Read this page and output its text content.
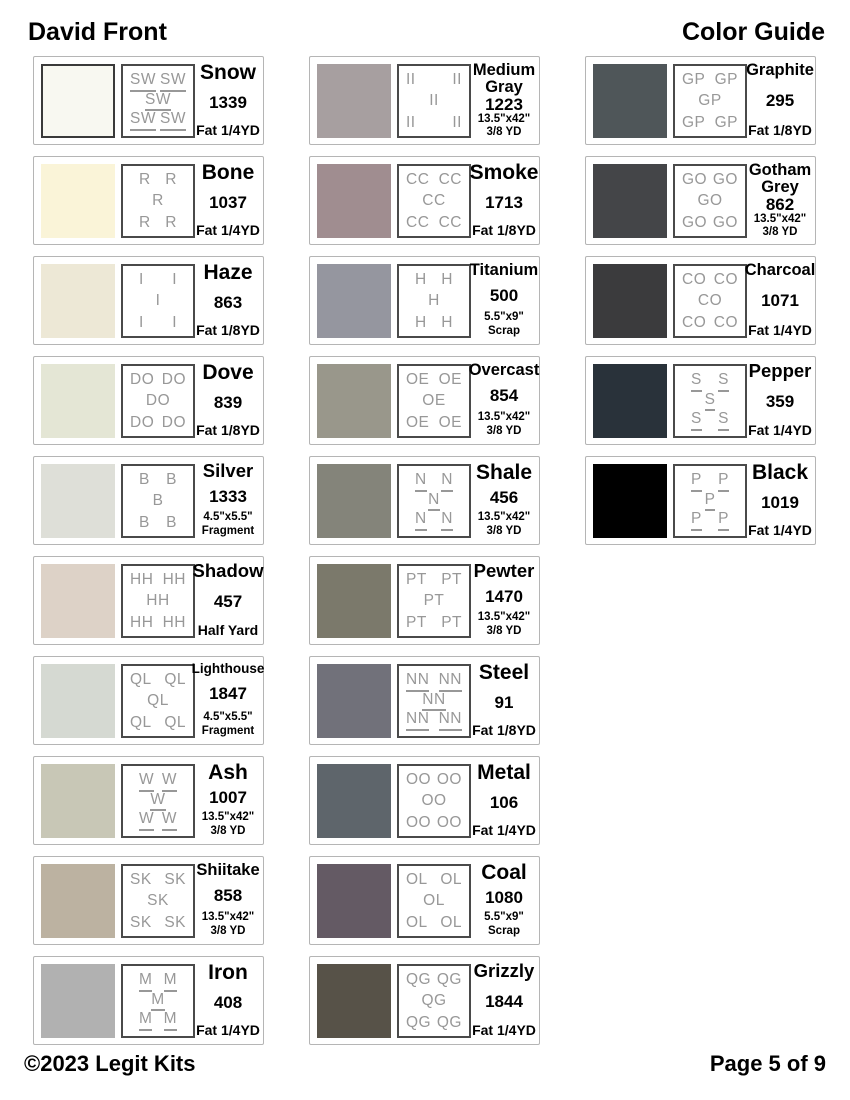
David Front	Color Guide
SW SW
SW
SW SW
Snow
1339
Fat 1/4YD
R R
R
R R
Bone
1037
Fat 1/4YD
I I
I
I I
Haze
863
Fat 1/8YD
DO DO
DO
DO DO
Dove
839
Fat 1/8YD
B B
B
B B
Silver
1333
4.5"x5.5"
Fragment
HH HH
HH
HH HH
Shadow
457
Half Yard
QL QL
QL
QL QL
Lighthouse
1847
4.5"x5.5"
Fragment
W W
W
W W
Ash
1007
13.5"x42"
3/8 YD
SK SK
SK
SK SK
Shiitake
858
13.5"x42"
3/8 YD
M M
M
M M
Iron
408
Fat 1/4YD
II II
II
II II
Medium Gray
1223
13.5"x42"
3/8 YD
CC CC
CC
CC CC
Smoke
1713
Fat 1/8YD
H H
H
H H
Titanium
500
5.5"x9"
Scrap
OE OE
OE
OE OE
Overcast
854
13.5"x42"
3/8 YD
N N
N
N N
Shale
456
13.5"x42"
3/8 YD
PT PT
PT
PT PT
Pewter
1470
13.5"x42"
3/8 YD
NN NN
NN
NN NN
Steel
91
Fat 1/8YD
OO OO
OO
OO OO
Metal
106
Fat 1/4YD
OL OL
OL
OL OL
Coal
1080
5.5"x9"
Scrap
QG QG
QG
QG QG
Grizzly
1844
Fat 1/4YD
GP GP
GP
GP GP
Graphite
295
Fat 1/8YD
GO GO
GO
GO GO
Gotham Grey
862
13.5"x42"
3/8 YD
CO CO
CO
CO CO
Charcoal
1071
Fat 1/4YD
S S
S
S S
Pepper
359
Fat 1/4YD
P P
P
P P
Black
1019
Fat 1/4YD
©2023 Legit Kits	Page 5 of 9
